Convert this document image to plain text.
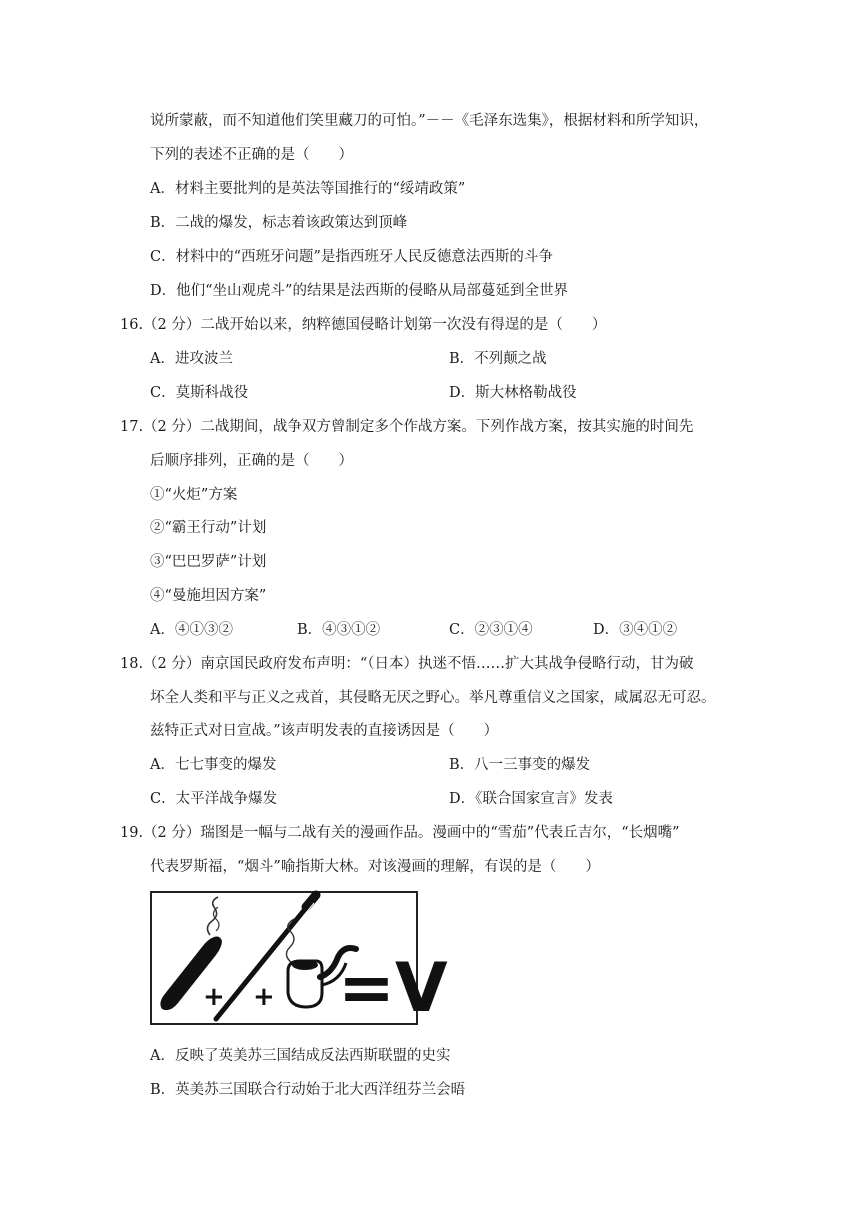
说所蒙蔽，而不知道他们笑里藏刀的可怕。”－－《毛泽东选集》，根据材料和所学知识，
下列的表述不正确的是（　　）
A．材料主要批判的是英法等国推行的“绥靖政策”
B．二战的爆发，标志着该政策达到顶峰
C．材料中的“西班牙问题”是指西班牙人民反德意法西斯的斗争
D．他们“坐山观虎斗”的结果是法西斯的侵略从局部蔓延到全世界
16.（2 分）二战开始以来，纳粹德国侵略计划第一次没有得逞的是（　　）
A．进攻波兰	B．不列颠之战
C．莫斯科战役	D．斯大林格勒战役
17.（2 分）二战期间，战争双方曾制定多个作战方案。下列作战方案，按其实施的时间先
后顺序排列，正确的是（　　）
①“火炬”方案
②“霸王行动”计划
③“巴巴罗萨”计划
④“曼施坦因方案”
A．④①③②	B．④③①②	C．②③①④	D．③④①②
18.（2 分）南京国民政府发布声明：“（日本）执迷不悟……扩大其战争侵略行动，甘为破
坏全人类和平与正义之戎首，其侵略无厌之野心。举凡尊重信义之国家，咸属忍无可忍。
兹特正式对日宣战。”该声明发表的直接诱因是（　　）
A．七七事变的爆发	B．八一三事变的爆发
C．太平洋战争爆发	D．《联合国家宣言》发表
19.（2 分）瑞图是一幅与二战有关的漫画作品。漫画中的“雪茄”代表丘吉尔，“长烟嘴”
代表罗斯福，“烟斗”喻指斯大林。对该漫画的理解，有误的是（　　）
+ + =V
A．反映了英美苏三国结成反法西斯联盟的史实
B．英美苏三国联合行动始于北大西洋纽芬兰会晤
